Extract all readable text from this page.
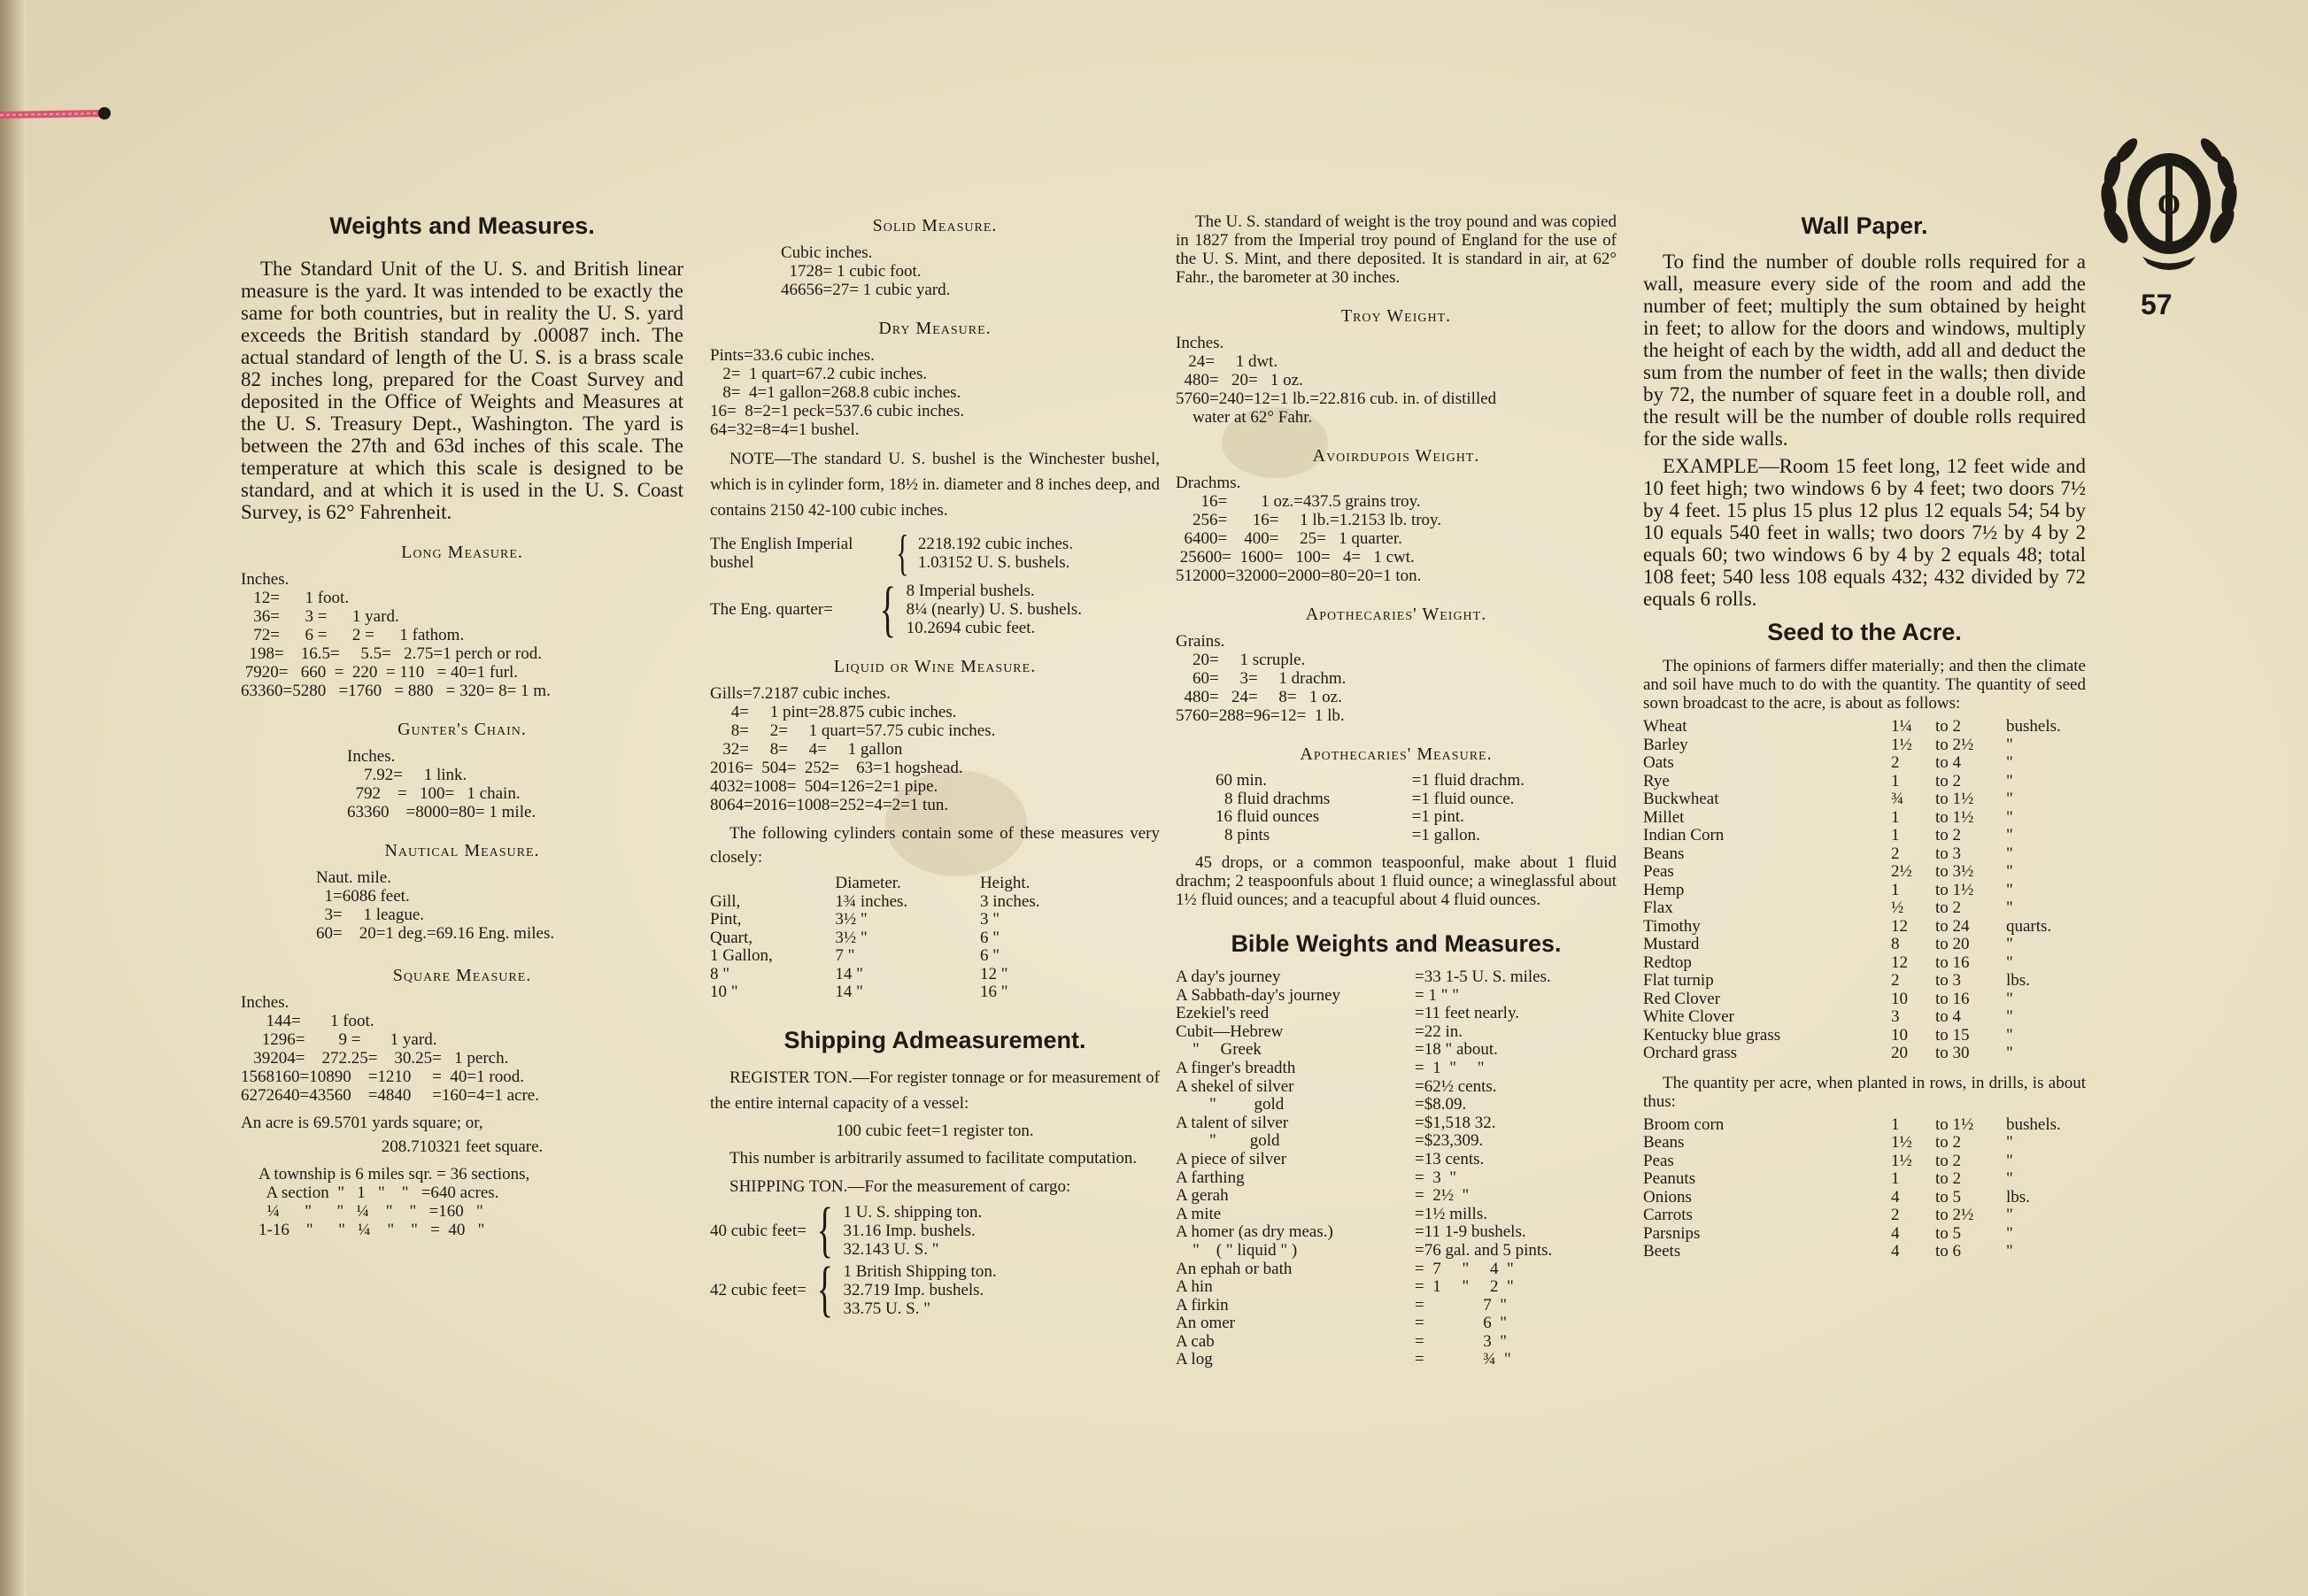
O
57
Weights and Measures.

The Standard Unit of the U. S. and British linear measure is the yard. It was intended to be exactly the same for both countries, but in reality the U. S. yard exceeds the British standard by .00087 inch. The actual standard of length of the U. S. is a brass scale 82 inches long, prepared for the Coast Survey and deposited in the Office of Weights and Measures at the U. S. Treasury Dept., Washington. The yard is between the 27th and 63d inches of this scale. The temperature at which this scale is designed to be standard, and at which it is used in the U. S. Coast Survey, is 62° Fahrenheit.

Long Measure.
Inches.
12=      1 foot.
36=      3 =      1 yard.
72=      6 =      2 =      1 fathom.
198=    16.5=     5.5=   2.75=1 perch or rod.
7920=   660  =  220  = 110   = 40=1 furl.
63360=5280   =1760   = 880   = 320= 8= 1 m.
Gunter's Chain.
Inches.
7.92=     1 link.
792    =   100=   1 chain.
63360    =8000=80= 1 mile.
Nautical Measure.
Naut. mile.
1=6086 feet.
3=     1 league.
60=    20=1 deg.=69.16 Eng. miles.
Square Measure.
Inches.
144=       1 foot.
1296=        9 =       1 yard.
39204=    272.25=    30.25=   1 perch.
1568160=10890    =1210     =  40=1 rood.
6272640=43560    =4840     =160=4=1 acre.
An acre is 69.5701 yards square; or,
208.710321 feet square.
A township is 6 miles sqr. = 36 sections,
A section  "   1   "    "   =640 acres.
¼      "      "   ¼    "    "   =160   "
1-16    "      "   ¼    "    "   =  40   "
Solid Measure.
Cubic inches.
1728= 1 cubic foot.
46656=27= 1 cubic yard.
Dry Measure.
Pints=33.6 cubic inches.
2=  1 quart=67.2 cubic inches.
8=  4=1 gallon=268.8 cubic inches.
16=  8=2=1 peck=537.6 cubic inches.
64=32=8=4=1 bushel.

NOTE—The standard U. S. bushel is the Winchester bushel, which is in cylinder form, 18½ in. diameter and 8 inches deep, and contains 2150 42-100 cubic inches.

The English Imperial bushel	{ 2218.192 cubic inches.
1.03152 U. S. bushels.
The Eng. quarter= { 8 Imperial bushels.
8¼ (nearly) U. S. bushels.
10.2694 cubic feet.
Liquid or Wine Measure.
Gills=7.2187 cubic inches.
4=     1 pint=28.875 cubic inches.
8=     2=     1 quart=57.75 cubic inches.
32=     8=     4=     1 gallon
2016=  504=  252=    63=1 hogshead.
4032=1008=  504=126=2=1 pipe.
8064=2016=1008=252=4=2=1 tun.

The following cylinders contain some of these measures very closely:

	Diameter.	Height.
Gill,	1¾ inches.	3 inches.
Pint,	3½ "	3 "
Quart,	3½ "	6 "
1 Gallon,	7 "	6 "
8 "	14 "	12 "
10 "	14 "	16 "
Shipping Admeasurement.

REGISTER TON.—For register tonnage or for measurement of the entire internal capacity of a vessel:

100 cubic feet=1 register ton.

This number is arbitrarily assumed to facilitate computation.

SHIPPING TON.—For the measurement of cargo:

40 cubic feet= { 1 U. S. shipping ton.
31.16 Imp. bushels.
32.143 U. S. "
42 cubic feet= { 1 British Shipping ton.
32.719 Imp. bushels.
33.75 U. S. "

The U. S. standard of weight is the troy pound and was copied in 1827 from the Imperial troy pound of England for the use of the U. S. Mint, and there deposited. It is standard in air, at 62° Fahr., the barometer at 30 inches.

Troy Weight.
Inches.
24=     1 dwt.
480=   20=   1 oz.
5760=240=12=1 lb.=22.816 cub. in. of distilled
water at 62° Fahr.
Avoirdupois Weight.
Drachms.
16=        1 oz.=437.5 grains troy.
256=      16=     1 lb.=1.2153 lb. troy.
6400=    400=     25=   1 quarter.
25600=  1600=   100=   4=   1 cwt.
512000=32000=2000=80=20=1 ton.
Apothecaries' Weight.
Grains.
20=     1 scruple.
60=     3=     1 drachm.
480=   24=     8=   1 oz.
5760=288=96=12=  1 lb.
Apothecaries' Measure.
60 min.	=1 fluid drachm.
8 fluid drachms	=1 fluid ounce.
16 fluid ounces	=1 pint.
8 pints	=1 gallon.

45 drops, or a common teaspoonful, make about 1 fluid drachm; 2 teaspoonfuls about 1 fluid ounce; a wineglassful about 1½ fluid ounces; and a teacupful about 4 fluid ounces.

Bible Weights and Measures.
A day's journey	=33 1-5 U. S. miles.
A Sabbath-day's journey	= 1 " "
Ezekiel's reed	=11 feet nearly.
Cubit—Hebrew	=22 in.
"     Greek	=18 " about.
A finger's breadth	=  1  "     "
A shekel of silver	=62½ cents.
"         gold	=$8.09.
A talent of silver	=$1,518 32.
"        gold	=$23,309.
A piece of silver	=13 cents.
A farthing	=  3  "
A gerah	=  2½  "
A mite	=1½ mills.
A homer (as dry meas.)	=11 1-9 bushels.
"    ( " liquid " )	=76 gal. and 5 pints.
An ephah or bath	=  7     "     4  "
A hin	=  1     "     2  "
A firkin	=              7  "
An omer	=              6  "
A cab	=              3  "
A log	=              ¾  "
Wall Paper.

To find the number of double rolls required for a wall, measure every side of the room and add the number of feet; multiply the sum obtained by height in feet; to allow for the doors and windows, multiply the height of each by the width, add all and deduct the sum from the number of feet in the walls; then divide by 72, the number of square feet in a double roll, and the result will be the number of double rolls required for the side walls.

EXAMPLE—Room 15 feet long, 12 feet wide and 10 feet high; two windows 6 by 4 feet; two doors 7½ by 4 feet. 15 plus 15 plus 12 plus 12 equals 54; 54 by 10 equals 540 feet in walls; two doors 7½ by 4 by 2 equals 60; two windows 6 by 4 by 2 equals 48; total 108 feet; 540 less 108 equals 432; 432 divided by 72 equals 6 rolls.

Seed to the Acre.

The opinions of farmers differ materially; and then the climate and soil have much to do with the quantity. The quantity of seed sown broadcast to the acre, is about as follows:

Wheat	1¼	to 2	bushels.
Barley	1½	to 2½	"
Oats	2	to 4	"
Rye	1	to 2	"
Buckwheat	¾	to 1½	"
Millet	1	to 1½	"
Indian Corn	1	to 2	"
Beans	2	to 3	"
Peas	2½	to 3½	"
Hemp	1	to 1½	"
Flax	½	to 2	"
Timothy	12	to 24	quarts.
Mustard	8	to 20	"
Redtop	12	to 16	"
Flat turnip	2	to 3	lbs.
Red Clover	10	to 16	"
White Clover	3	to 4	"
Kentucky blue grass	10	to 15	"
Orchard grass	20	to 30	"

The quantity per acre, when planted in rows, in drills, is about thus:

Broom corn	1	to 1½	bushels.
Beans	1½	to 2	"
Peas	1½	to 2	"
Peanuts	1	to 2	"
Onions	4	to 5	lbs.
Carrots	2	to 2½	"
Parsnips	4	to 5	"
Beets	4	to 6	"
